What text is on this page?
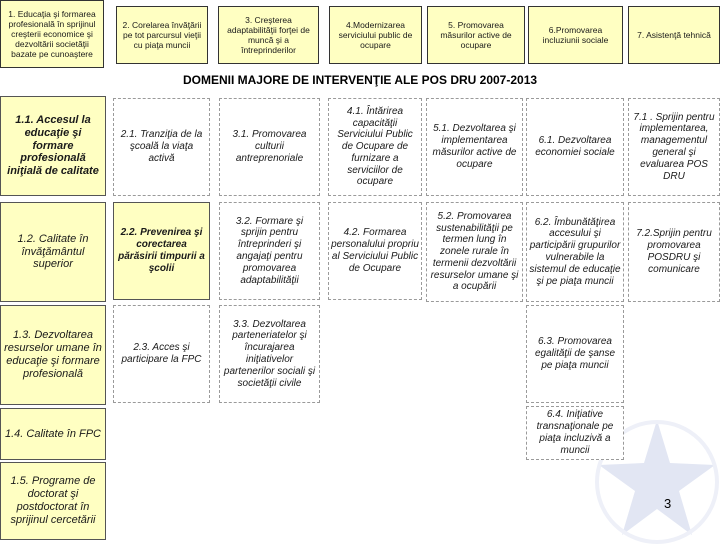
1. Educaţia şi formarea profesională în sprijinul creşterii economice şi dezvoltării societăţii bazate pe cunoaştere
2. Corelarea învăţării pe tot parcursul vieţii cu piaţa muncii
3. Creşterea adaptabilităţii forţei de muncă şi a întreprinderilor
4.Modernizarea serviciului public de ocupare
5. Promovarea măsurilor active de ocupare
6.Promovarea incluziunii sociale
7. Asistenţă tehnică
DOMENII MAJORE DE INTERVENŢIE ALE POS DRU 2007-2013
1.1. Accesul la educaţie şi formare profesională iniţială de calitate
1.2. Calitate în învăţământul superior
1.3. Dezvoltarea resurselor umane în educaţie şi formare profesională
1.4. Calitate în FPC
1.5. Programe de doctorat şi postdoctorat în sprijinul cercetării
2.1. Tranziţia de la şcoală la viaţa activă
2.2. Prevenirea şi corectarea părăsirii timpurii a şcolii
2.3. Acces şi participare la FPC
3.1. Promovarea culturii antreprenoriale
3.2. Formare şi sprijin pentru întreprinderi şi angajaţi pentru promovarea adaptabilităţii
3.3. Dezvoltarea parteneriatelor şi încurajarea iniţiativelor partenerilor sociali şi societăţii civile
4.1. Întărirea capacităţii Serviciului Public de Ocupare de furnizare a serviciilor de ocupare
4.2. Formarea personalului propriu al Serviciului Public de Ocupare
5.1. Dezvoltarea şi implementarea măsurilor active de ocupare
5.2. Promovarea sustenabilităţii pe termen lung în zonele rurale în termenii dezvoltării resurselor umane şi a ocupării
6.1. Dezvoltarea economiei sociale
6.2. Îmbunătăţirea accesului şi participării grupurilor vulnerabile la sistemul de educaţie şi pe piaţa muncii
6.3. Promovarea egalităţii de şanse pe piaţa muncii
6.4. Iniţiative transnaţionale pe piaţa incluzivă a muncii
7.1 . Sprijin pentru implementarea, managementul general şi evaluarea POS DRU
7.2.Sprijin pentru promovarea POSDRU şi comunicare
3
